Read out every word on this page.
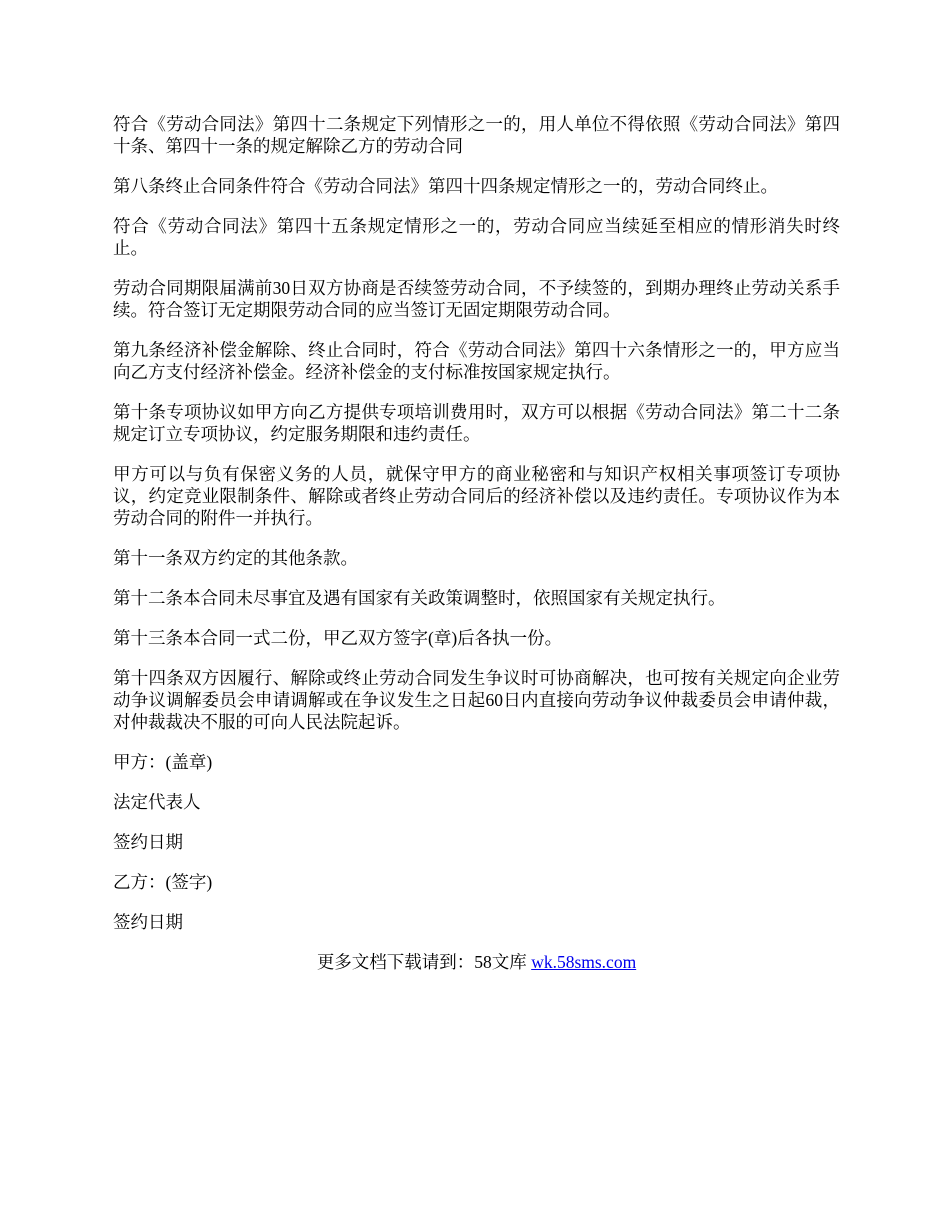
符合《劳动合同法》第四十二条规定下列情形之一的，用人单位不得依照《劳动合同法》第四十条、第四十一条的规定解除乙方的劳动合同

第八条终止合同条件符合《劳动合同法》第四十四条规定情形之一的，劳动合同终止。

符合《劳动合同法》第四十五条规定情形之一的，劳动合同应当续延至相应的情形消失时终止。

劳动合同期限届满前30日双方协商是否续签劳动合同，不予续签的，到期办理终止劳动关系手续。符合签订无定期限劳动合同的应当签订无固定期限劳动合同。

第九条经济补偿金解除、终止合同时，符合《劳动合同法》第四十六条情形之一的，甲方应当向乙方支付经济补偿金。经济补偿金的支付标准按国家规定执行。

第十条专项协议如甲方向乙方提供专项培训费用时，双方可以根据《劳动合同法》第二十二条规定订立专项协议，约定服务期限和违约责任。

甲方可以与负有保密义务的人员，就保守甲方的商业秘密和与知识产权相关事项签订专项协议，约定竞业限制条件、解除或者终止劳动合同后的经济补偿以及违约责任。专项协议作为本劳动合同的附件一并执行。

第十一条双方约定的其他条款。

第十二条本合同未尽事宜及遇有国家有关政策调整时，依照国家有关规定执行。

第十三条本合同一式二份，甲乙双方签字(章)后各执一份。

第十四条双方因履行、解除或终止劳动合同发生争议时可协商解决，也可按有关规定向企业劳动争议调解委员会申请调解或在争议发生之日起60日内直接向劳动争议仲裁委员会申请仲裁，对仲裁裁决不服的可向人民法院起诉。

甲方：(盖章)

法定代表人

签约日期

乙方：(签字)

签约日期

更多文档下载请到：58文库 wk.58sms.com
